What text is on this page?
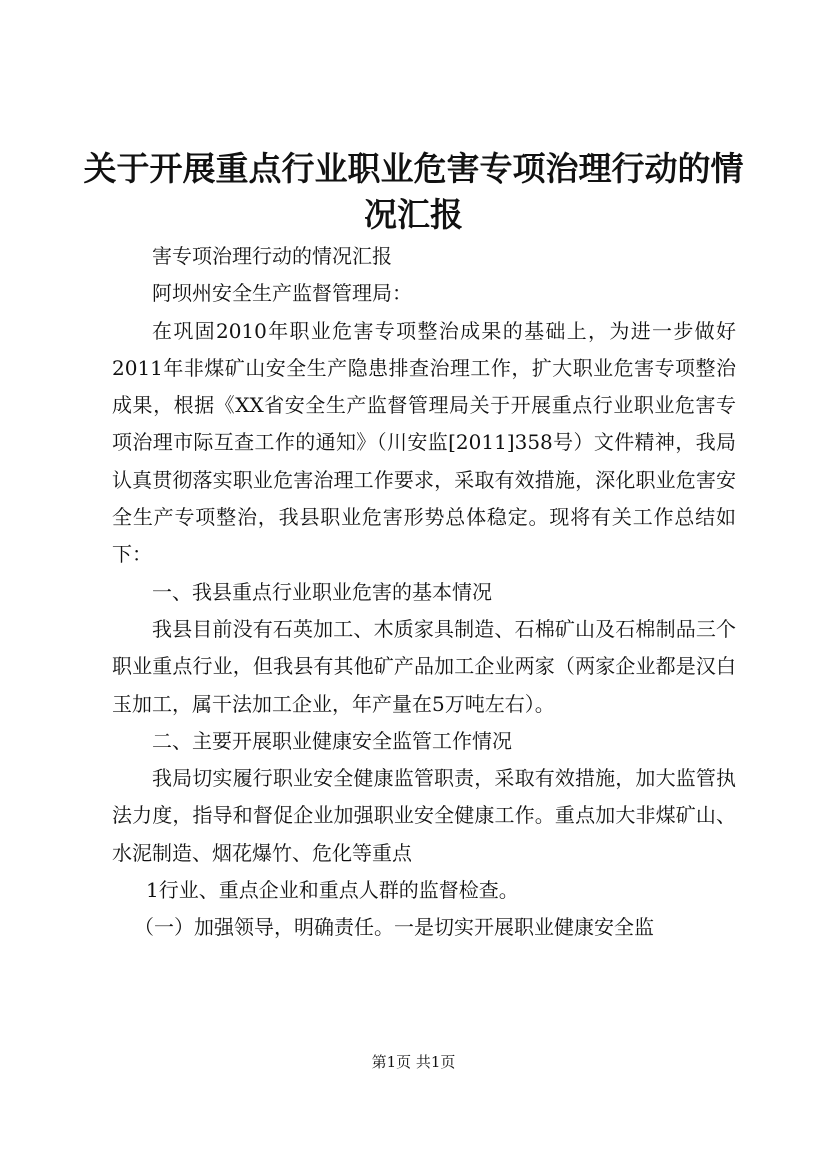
关于开展重点行业职业危害专项治理行动的情
况汇报

害专项治理行动的情况汇报

阿坝州安全生产监督管理局：

在巩固2010年职业危害专项整治成果的基础上，为进一步做好2011年非煤矿山安全生产隐患排查治理工作，扩大职业危害专项整治成果，根据《XX省安全生产监督管理局关于开展重点行业职业危害专项治理市际互查工作的通知》（川安监[2011]358号）文件精神，我局认真贯彻落实职业危害治理工作要求，采取有效措施，深化职业危害安全生产专项整治，我县职业危害形势总体稳定。现将有关工作总结如下：

一、我县重点行业职业危害的基本情况

我县目前没有石英加工、木质家具制造、石棉矿山及石棉制品三个职业重点行业，但我县有其他矿产品加工企业两家（两家企业都是汉白玉加工，属干法加工企业，年产量在5万吨左右）。

二、主要开展职业健康安全监管工作情况

我局切实履行职业安全健康监管职责，采取有效措施，加大监管执法力度，指导和督促企业加强职业安全健康工作。重点加大非煤矿山、水泥制造、烟花爆竹、危化等重点

1行业、重点企业和重点人群的监督检查。

（一）加强领导，明确责任。一是切实开展职业健康安全监

第1页 共1页
